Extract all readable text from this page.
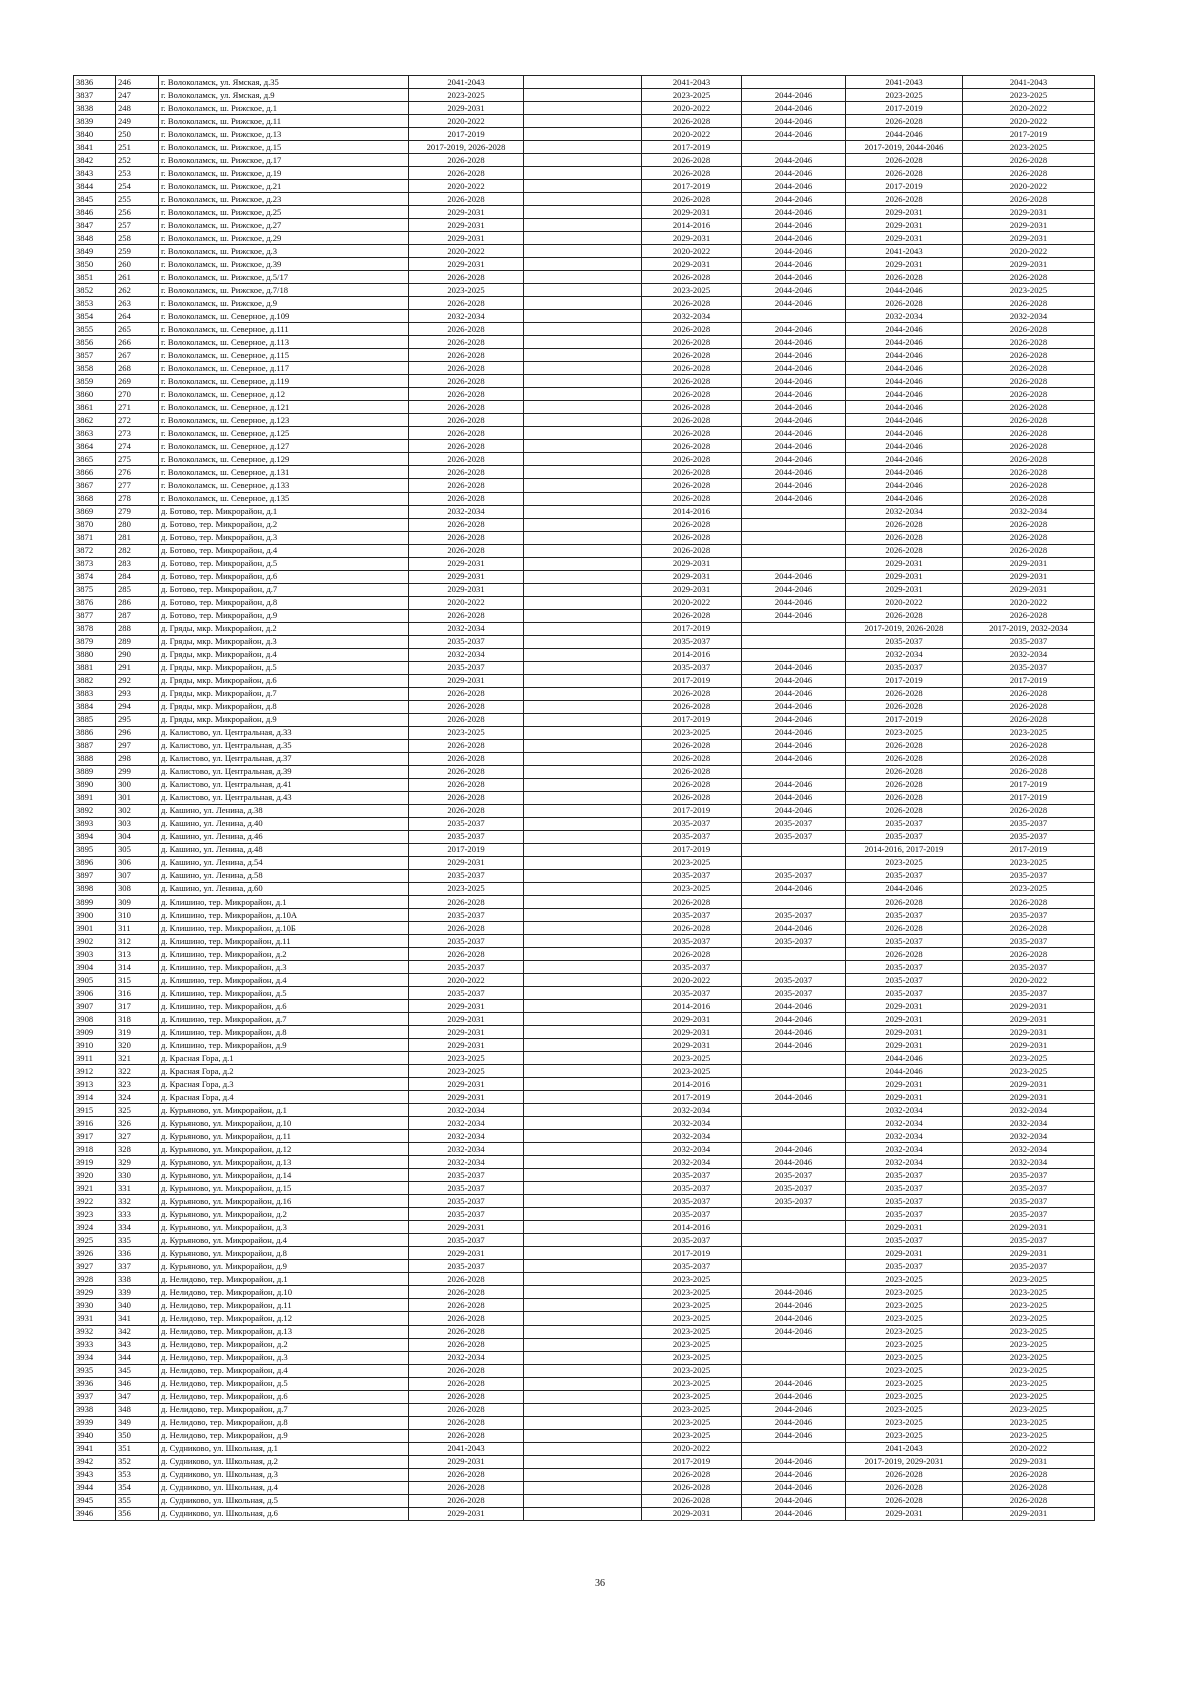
3836	246	г. Волоколамск, ул. Ямская, д.35	2041-2043		2041-2043		2041-2043	2041-2043
3837	247	г. Волоколамск, ул. Ямская, д.9	2023-2025		2023-2025	2044-2046	2023-2025	2023-2025
3838	248	г. Волоколамск, ш. Рижское, д.1	2029-2031		2020-2022	2044-2046	2017-2019	2020-2022
3839	249	г. Волоколамск, ш. Рижское, д.11	2020-2022		2026-2028	2044-2046	2026-2028	2020-2022
3840	250	г. Волоколамск, ш. Рижское, д.13	2017-2019		2020-2022	2044-2046	2044-2046	2017-2019
3841	251	г. Волоколамск, ш. Рижское, д.15	2017-2019, 2026-2028		2017-2019		2017-2019, 2044-2046	2023-2025
3842	252	г. Волоколамск, ш. Рижское, д.17	2026-2028		2026-2028	2044-2046	2026-2028	2026-2028
3843	253	г. Волоколамск, ш. Рижское, д.19	2026-2028		2026-2028	2044-2046	2026-2028	2026-2028
3844	254	г. Волоколамск, ш. Рижское, д.21	2020-2022		2017-2019	2044-2046	2017-2019	2020-2022
3845	255	г. Волоколамск, ш. Рижское, д.23	2026-2028		2026-2028	2044-2046	2026-2028	2026-2028
3846	256	г. Волоколамск, ш. Рижское, д.25	2029-2031		2029-2031	2044-2046	2029-2031	2029-2031
3847	257	г. Волоколамск, ш. Рижское, д.27	2029-2031		2014-2016	2044-2046	2029-2031	2029-2031
3848	258	г. Волоколамск, ш. Рижское, д.29	2029-2031		2029-2031	2044-2046	2029-2031	2029-2031
3849	259	г. Волоколамск, ш. Рижское, д.3	2020-2022		2020-2022	2044-2046	2041-2043	2020-2022
3850	260	г. Волоколамск, ш. Рижское, д.39	2029-2031		2029-2031	2044-2046	2029-2031	2029-2031
3851	261	г. Волоколамск, ш. Рижское, д.5/17	2026-2028		2026-2028	2044-2046	2026-2028	2026-2028
3852	262	г. Волоколамск, ш. Рижское, д.7/18	2023-2025		2023-2025	2044-2046	2044-2046	2023-2025
3853	263	г. Волоколамск, ш. Рижское, д.9	2026-2028		2026-2028	2044-2046	2026-2028	2026-2028
3854	264	г. Волоколамск, ш. Северное, д.109	2032-2034		2032-2034		2032-2034	2032-2034
3855	265	г. Волоколамск, ш. Северное, д.111	2026-2028		2026-2028	2044-2046	2044-2046	2026-2028
3856	266	г. Волоколамск, ш. Северное, д.113	2026-2028		2026-2028	2044-2046	2044-2046	2026-2028
3857	267	г. Волоколамск, ш. Северное, д.115	2026-2028		2026-2028	2044-2046	2044-2046	2026-2028
3858	268	г. Волоколамск, ш. Северное, д.117	2026-2028		2026-2028	2044-2046	2044-2046	2026-2028
3859	269	г. Волоколамск, ш. Северное, д.119	2026-2028		2026-2028	2044-2046	2044-2046	2026-2028
3860	270	г. Волоколамск, ш. Северное, д.12	2026-2028		2026-2028	2044-2046	2044-2046	2026-2028
3861	271	г. Волоколамск, ш. Северное, д.121	2026-2028		2026-2028	2044-2046	2044-2046	2026-2028
3862	272	г. Волоколамск, ш. Северное, д.123	2026-2028		2026-2028	2044-2046	2044-2046	2026-2028
3863	273	г. Волоколамск, ш. Северное, д.125	2026-2028		2026-2028	2044-2046	2044-2046	2026-2028
3864	274	г. Волоколамск, ш. Северное, д.127	2026-2028		2026-2028	2044-2046	2044-2046	2026-2028
3865	275	г. Волоколамск, ш. Северное, д.129	2026-2028		2026-2028	2044-2046	2044-2046	2026-2028
3866	276	г. Волоколамск, ш. Северное, д.131	2026-2028		2026-2028	2044-2046	2044-2046	2026-2028
3867	277	г. Волоколамск, ш. Северное, д.133	2026-2028		2026-2028	2044-2046	2044-2046	2026-2028
3868	278	г. Волоколамск, ш. Северное, д.135	2026-2028		2026-2028	2044-2046	2044-2046	2026-2028
3869	279	д. Ботово, тер. Микрорайон, д.1	2032-2034		2014-2016		2032-2034	2032-2034
3870	280	д. Ботово, тер. Микрорайон, д.2	2026-2028		2026-2028		2026-2028	2026-2028
3871	281	д. Ботово, тер. Микрорайон, д.3	2026-2028		2026-2028		2026-2028	2026-2028
3872	282	д. Ботово, тер. Микрорайон, д.4	2026-2028		2026-2028		2026-2028	2026-2028
3873	283	д. Ботово, тер. Микрорайон, д.5	2029-2031		2029-2031		2029-2031	2029-2031
3874	284	д. Ботово, тер. Микрорайон, д.6	2029-2031		2029-2031	2044-2046	2029-2031	2029-2031
3875	285	д. Ботово, тер. Микрорайон, д.7	2029-2031		2029-2031	2044-2046	2029-2031	2029-2031
3876	286	д. Ботово, тер. Микрорайон, д.8	2020-2022		2020-2022	2044-2046	2020-2022	2020-2022
3877	287	д. Ботово, тер. Микрорайон, д.9	2026-2028		2026-2028	2044-2046	2026-2028	2026-2028
3878	288	д. Гряды, мкр. Микрорайон, д.2	2032-2034		2017-2019		2017-2019, 2026-2028	2017-2019, 2032-2034
3879	289	д. Гряды, мкр. Микрорайон, д.3	2035-2037		2035-2037		2035-2037	2035-2037
3880	290	д. Гряды, мкр. Микрорайон, д.4	2032-2034		2014-2016		2032-2034	2032-2034
3881	291	д. Гряды, мкр. Микрорайон, д.5	2035-2037		2035-2037	2044-2046	2035-2037	2035-2037
3882	292	д. Гряды, мкр. Микрорайон, д.6	2029-2031		2017-2019	2044-2046	2017-2019	2017-2019
3883	293	д. Гряды, мкр. Микрорайон, д.7	2026-2028		2026-2028	2044-2046	2026-2028	2026-2028
3884	294	д. Гряды, мкр. Микрорайон, д.8	2026-2028		2026-2028	2044-2046	2026-2028	2026-2028
3885	295	д. Гряды, мкр. Микрорайон, д.9	2026-2028		2017-2019	2044-2046	2017-2019	2026-2028
3886	296	д. Калистово, ул. Центральная, д.33	2023-2025		2023-2025	2044-2046	2023-2025	2023-2025
3887	297	д. Калистово, ул. Центральная, д.35	2026-2028		2026-2028	2044-2046	2026-2028	2026-2028
3888	298	д. Калистово, ул. Центральная, д.37	2026-2028		2026-2028	2044-2046	2026-2028	2026-2028
3889	299	д. Калистово, ул. Центральная, д.39	2026-2028		2026-2028		2026-2028	2026-2028
3890	300	д. Калистово, ул. Центральная, д.41	2026-2028		2026-2028	2044-2046	2026-2028	2017-2019
3891	301	д. Калистово, ул. Центральная, д.43	2026-2028		2026-2028	2044-2046	2026-2028	2017-2019
3892	302	д. Кашино, ул. Ленина, д.38	2026-2028		2017-2019	2044-2046	2026-2028	2026-2028
3893	303	д. Кашино, ул. Ленина, д.40	2035-2037		2035-2037	2035-2037	2035-2037	2035-2037
3894	304	д. Кашино, ул. Ленина, д.46	2035-2037		2035-2037	2035-2037	2035-2037	2035-2037
3895	305	д. Кашино, ул. Ленина, д.48	2017-2019		2017-2019		2014-2016, 2017-2019	2017-2019
3896	306	д. Кашино, ул. Ленина, д.54	2029-2031		2023-2025		2023-2025	2023-2025
3897	307	д. Кашино, ул. Ленина, д.58	2035-2037		2035-2037	2035-2037	2035-2037	2035-2037
3898	308	д. Кашино, ул. Ленина, д.60	2023-2025		2023-2025	2044-2046	2044-2046	2023-2025
3899	309	д. Клишино, тер. Микрорайон, д.1	2026-2028		2026-2028		2026-2028	2026-2028
3900	310	д. Клишино, тер. Микрорайон, д.10А	2035-2037		2035-2037	2035-2037	2035-2037	2035-2037
3901	311	д. Клишино, тер. Микрорайон, д.10Б	2026-2028		2026-2028	2044-2046	2026-2028	2026-2028
3902	312	д. Клишино, тер. Микрорайон, д.11	2035-2037		2035-2037	2035-2037	2035-2037	2035-2037
3903	313	д. Клишино, тер. Микрорайон, д.2	2026-2028		2026-2028		2026-2028	2026-2028
3904	314	д. Клишино, тер. Микрорайон, д.3	2035-2037		2035-2037		2035-2037	2035-2037
3905	315	д. Клишино, тер. Микрорайон, д.4	2020-2022		2020-2022	2035-2037	2035-2037	2020-2022
3906	316	д. Клишино, тер. Микрорайон, д.5	2035-2037		2035-2037	2035-2037	2035-2037	2035-2037
3907	317	д. Клишино, тер. Микрорайон, д.6	2029-2031		2014-2016	2044-2046	2029-2031	2029-2031
3908	318	д. Клишино, тер. Микрорайон, д.7	2029-2031		2029-2031	2044-2046	2029-2031	2029-2031
3909	319	д. Клишино, тер. Микрорайон, д.8	2029-2031		2029-2031	2044-2046	2029-2031	2029-2031
3910	320	д. Клишино, тер. Микрорайон, д.9	2029-2031		2029-2031	2044-2046	2029-2031	2029-2031
3911	321	д. Красная Гора, д.1	2023-2025		2023-2025		2044-2046	2023-2025
3912	322	д. Красная Гора, д.2	2023-2025		2023-2025		2044-2046	2023-2025
3913	323	д. Красная Гора, д.3	2029-2031		2014-2016		2029-2031	2029-2031
3914	324	д. Красная Гора, д.4	2029-2031		2017-2019	2044-2046	2029-2031	2029-2031
3915	325	д. Курьяново, ул. Микрорайон, д.1	2032-2034		2032-2034		2032-2034	2032-2034
3916	326	д. Курьяново, ул. Микрорайон, д.10	2032-2034		2032-2034		2032-2034	2032-2034
3917	327	д. Курьяново, ул. Микрорайон, д.11	2032-2034		2032-2034		2032-2034	2032-2034
3918	328	д. Курьяново, ул. Микрорайон, д.12	2032-2034		2032-2034	2044-2046	2032-2034	2032-2034
3919	329	д. Курьяново, ул. Микрорайон, д.13	2032-2034		2032-2034	2044-2046	2032-2034	2032-2034
3920	330	д. Курьяново, ул. Микрорайон, д.14	2035-2037		2035-2037	2035-2037	2035-2037	2035-2037
3921	331	д. Курьяново, ул. Микрорайон, д.15	2035-2037		2035-2037	2035-2037	2035-2037	2035-2037
3922	332	д. Курьяново, ул. Микрорайон, д.16	2035-2037		2035-2037	2035-2037	2035-2037	2035-2037
3923	333	д. Курьяново, ул. Микрорайон, д.2	2035-2037		2035-2037		2035-2037	2035-2037
3924	334	д. Курьяново, ул. Микрорайон, д.3	2029-2031		2014-2016		2029-2031	2029-2031
3925	335	д. Курьяново, ул. Микрорайон, д.4	2035-2037		2035-2037		2035-2037	2035-2037
3926	336	д. Курьяново, ул. Микрорайон, д.8	2029-2031		2017-2019		2029-2031	2029-2031
3927	337	д. Курьяново, ул. Микрорайон, д.9	2035-2037		2035-2037		2035-2037	2035-2037
3928	338	д. Нелидово, тер. Микрорайон, д.1	2026-2028		2023-2025		2023-2025	2023-2025
3929	339	д. Нелидово, тер. Микрорайон, д.10	2026-2028		2023-2025	2044-2046	2023-2025	2023-2025
3930	340	д. Нелидово, тер. Микрорайон, д.11	2026-2028		2023-2025	2044-2046	2023-2025	2023-2025
3931	341	д. Нелидово, тер. Микрорайон, д.12	2026-2028		2023-2025	2044-2046	2023-2025	2023-2025
3932	342	д. Нелидово, тер. Микрорайон, д.13	2026-2028		2023-2025	2044-2046	2023-2025	2023-2025
3933	343	д. Нелидово, тер. Микрорайон, д.2	2026-2028		2023-2025		2023-2025	2023-2025
3934	344	д. Нелидово, тер. Микрорайон, д.3	2032-2034		2023-2025		2023-2025	2023-2025
3935	345	д. Нелидово, тер. Микрорайон, д.4	2026-2028		2023-2025		2023-2025	2023-2025
3936	346	д. Нелидово, тер. Микрорайон, д.5	2026-2028		2023-2025	2044-2046	2023-2025	2023-2025
3937	347	д. Нелидово, тер. Микрорайон, д.6	2026-2028		2023-2025	2044-2046	2023-2025	2023-2025
3938	348	д. Нелидово, тер. Микрорайон, д.7	2026-2028		2023-2025	2044-2046	2023-2025	2023-2025
3939	349	д. Нелидово, тер. Микрорайон, д.8	2026-2028		2023-2025	2044-2046	2023-2025	2023-2025
3940	350	д. Нелидово, тер. Микрорайон, д.9	2026-2028		2023-2025	2044-2046	2023-2025	2023-2025
3941	351	д. Судниково, ул. Школьная, д.1	2041-2043		2020-2022		2041-2043	2020-2022
3942	352	д. Судниково, ул. Школьная, д.2	2029-2031		2017-2019	2044-2046	2017-2019, 2029-2031	2029-2031
3943	353	д. Судниково, ул. Школьная, д.3	2026-2028		2026-2028	2044-2046	2026-2028	2026-2028
3944	354	д. Судниково, ул. Школьная, д.4	2026-2028		2026-2028	2044-2046	2026-2028	2026-2028
3945	355	д. Судниково, ул. Школьная, д.5	2026-2028		2026-2028	2044-2046	2026-2028	2026-2028
3946	356	д. Судниково, ул. Школьная, д.6	2029-2031		2029-2031	2044-2046	2029-2031	2029-2031
36
